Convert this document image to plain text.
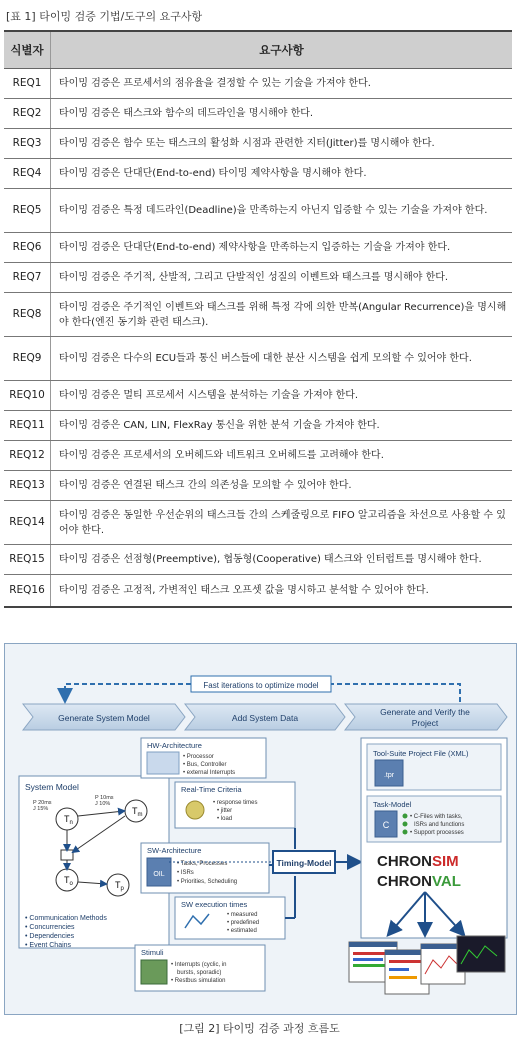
[표 1] 타이밍 검증 기법/도구의 요구사항
식별자	요구사항
REQ1	타이밍 검증은 프로세서의 점유율을 결정할 수 있는 기술을 가져야 한다.
REQ2	타이밍 검증은 태스크와 함수의 데드라인을 명시해야 한다.
REQ3	타이밍 검증은 함수 또는 태스크의 활성화 시점과 관련한 지터(Jitter)를 명시해야 한다.
REQ4	타이밍 검증은 단대단(End-to-end) 타이밍 제약사항을 명시해야 한다.
REQ5	타이밍 검증은 특정 데드라인(Deadline)을 만족하는지 아닌지 입증할 수 있는 기술을 가져야 한다.
REQ6	타이밍 검증은 단대단(End-to-end) 제약사항을 만족하는지 입증하는 기술을 가져야 한다.
REQ7	타이밍 검증은 주기적, 산발적, 그리고 단발적인 성질의 이벤트와 태스크를 명시해야 한다.
REQ8	타이밍 검증은 주기적인 이벤트와 태스크를 위해 특정 각에 의한 반복(Angular Recurrence)을 명시해야 한다(엔진 동기화 관련 태스크).
REQ9	타이밍 검증은 다수의 ECU들과 통신 버스들에 대한 분산 시스템을 쉽게 모의할 수 있어야 한다.
REQ10	타이밍 검증은 멀티 프로세서 시스템을 분석하는 기술을 가져야 한다.
REQ11	타이밍 검증은 CAN, LIN, FlexRay 통신을 위한 분석 기술을 가져야 한다.
REQ12	타이밍 검증은 프로세서의 오버헤드와 네트워크 오버헤드를 고려해야 한다.
REQ13	타이밍 검증은 연결된 태스크 간의 의존성을 모의할 수 있어야 한다.
REQ14	타이밍 검증은 동일한 우선순위의 태스크들 간의 스케줄링으로 FIFO 알고리즘을 차선으로 사용할 수 있어야 한다.
REQ15	타이밍 검증은 선점형(Preemptive), 협동형(Cooperative) 태스크와 인터럽트를 명시해야 한다.
REQ16	타이밍 검증은 고정적, 가변적인 태스크 오프셋 값을 명시하고 분석할 수 있어야 한다.
Fast iterations to optimize model
Generate System Model	Add System Data
Generate and Verify the
Project
System Model
P 20ms
J 15%
P 10ms
J 10%
$T_n$
$T_m$
$T_o$	$T_p$
• Communication Methods
• Concurrencies
• Dependencies
• Event Chains
HW-Architecture
• Processor
• Bus, Controller
• external Interrupts
Real-Time Criteria
• response times
• jitter
• load
SW-Architecture
OIL
• Tasks, Processes
• ISRs
• Priorities, Scheduling
SW execution times
• measured
• predefined
• estimated
Stimuli
• Interrupts (cyclic, in
bursts, sporadic)
• Restbus simulation
Timing-Model
Tool-Suite Project File (XML)
.tpr
Task-Model
C
• C-Files with tasks,
ISRs and functions
• Support processes
CHRONSIM
CHRONVAL
[그림 2] 타이밍 검증 과정 흐름도
